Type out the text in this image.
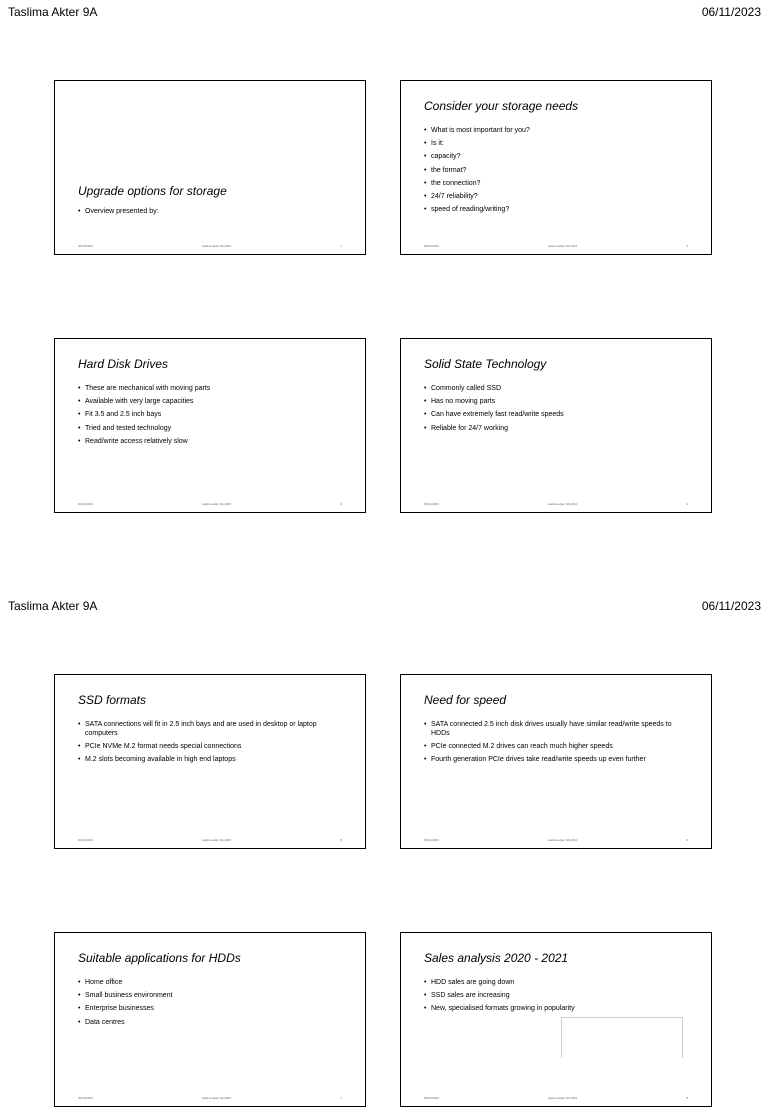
Taslima Akter 9A	06/11/2023
Upgrade options for storage
• Overview presented by:
06/11/2023	taslima akter 9A 2023	1
Consider your storage needs
• What is most important for you?
• Is it:
• capacity?
• the format?
• the connection?
• 24/7 reliability?
• speed of reading/writing?
06/11/2023	taslima akter 9A 2023	2
Hard Disk Drives
• These are mechanical with moving parts
• Available with very large capacities
• Fit 3.5 and 2.5 inch bays
• Tried and tested technology
• Read/write access relatively slow
06/11/2023	taslima akter 9A 2023	3
Solid State Technology
• Commonly called SSD
• Has no moving parts
• Can have extremely fast read/write speeds
• Reliable for 24/7 working
06/11/2023	taslima akter 9A 2023	4
Taslima Akter 9A	06/11/2023
SSD formats
• SATA connections will fit in 2.5 inch bays and are used in desktop or laptop computers
• PCIe NVMe M.2 format needs special connections
• M.2 slots becoming available in high end laptops
06/11/2023	taslima akter 9A 2023	5
Need for speed
• SATA connected 2.5 inch disk drives usually have similar read/write speeds to HDDs
• PCIe connected M.2 drives can reach much higher speeds
• Fourth generation PCIe drives take read/write speeds up even further
06/11/2023	taslima akter 9A 2023	6
Suitable applications for HDDs
• Home office
• Small business environment
• Enterprise businesses
• Data centres
06/11/2023	taslima akter 9A 2023	7
Sales analysis 2020 - 2021
• HDD sales are going down
• SSD sales are increasing
• New, specialised formats growing in popularity
06/11/2023	taslima akter 9A 2023	8
